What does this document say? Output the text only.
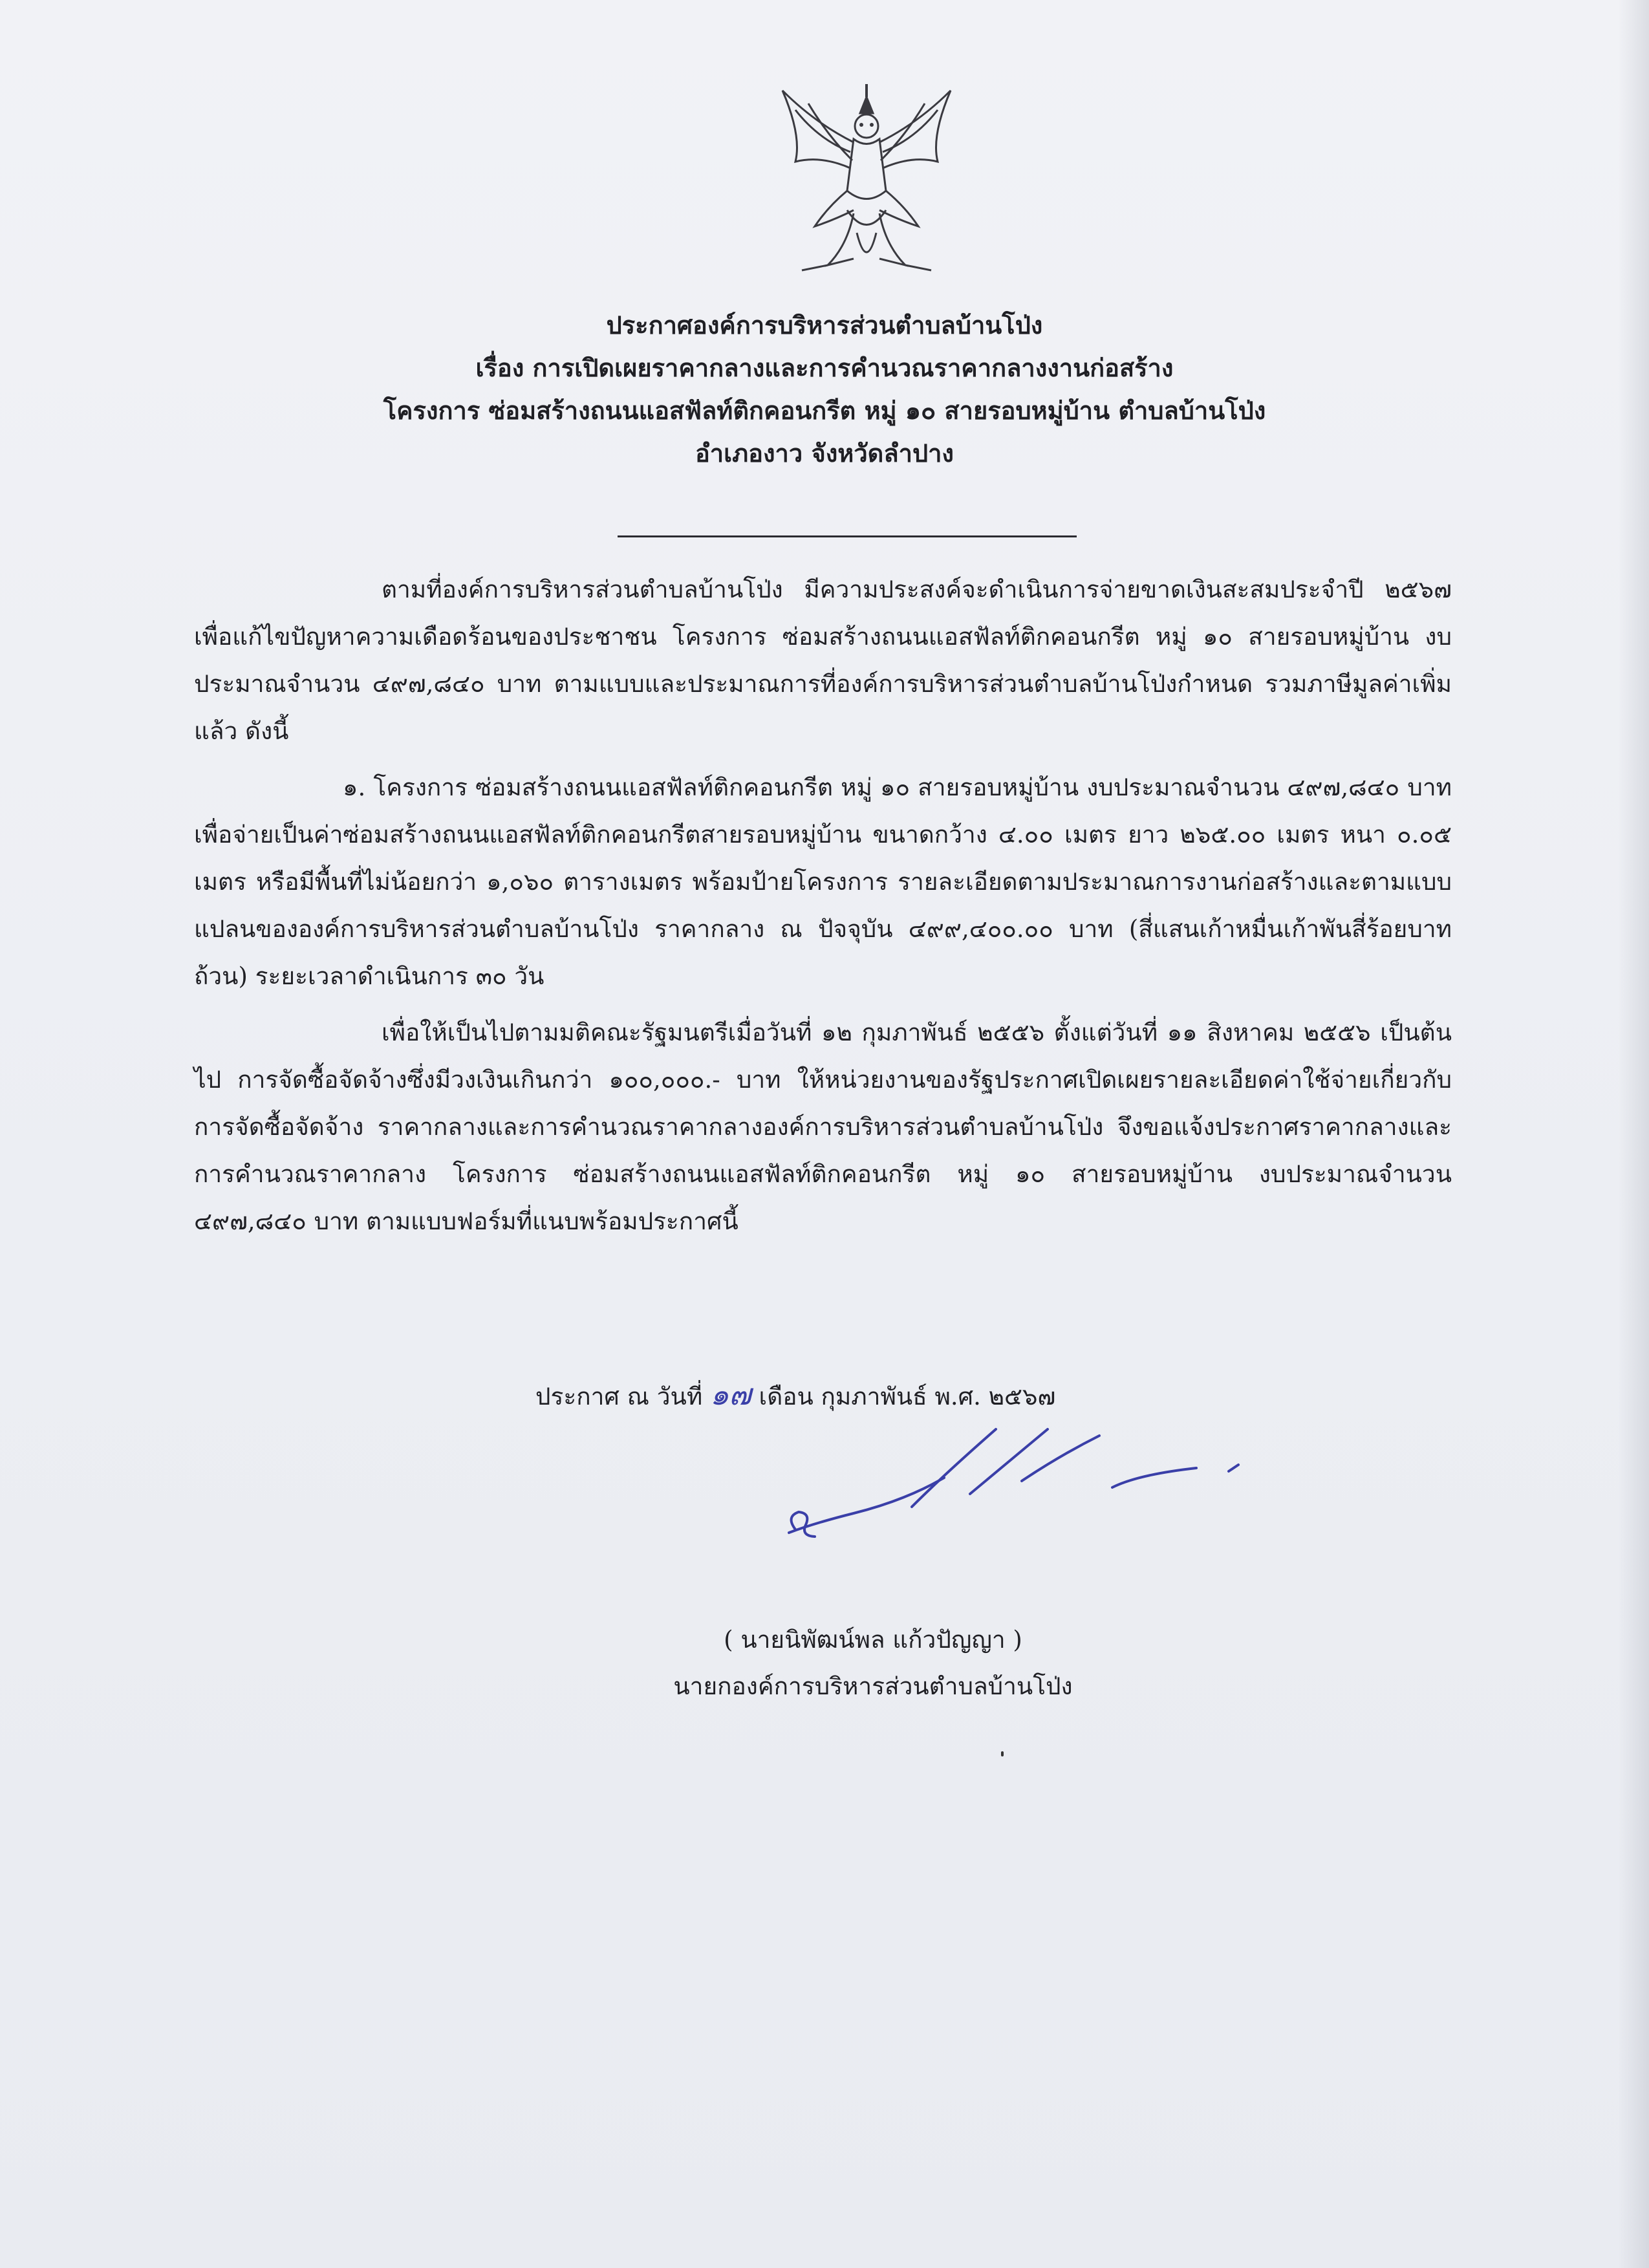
ประกาศองค์การบริหารส่วนตำบลบ้านโป่ง
เรื่อง การเปิดเผยราคากลางและการคำนวณราคากลางงานก่อสร้าง
โครงการ ซ่อมสร้างถนนแอสฟัลท์ติกคอนกรีต หมู่ ๑๐ สายรอบหมู่บ้าน ตำบลบ้านโป่ง
อำเภองาว จังหวัดลำปาง

ตามที่องค์การบริหารส่วนตำบลบ้านโป่ง มีความประสงค์จะดำเนินการจ่ายขาดเงินสะสมประจำปี ๒๕๖๗ เพื่อแก้ไขปัญหาความเดือดร้อนของประชาชน โครงการ ซ่อมสร้างถนนแอสฟัลท์ติกคอนกรีต หมู่ ๑๐ สายรอบหมู่บ้าน งบประมาณจำนวน ๔๙๗,๘๔๐ บาท ตามแบบและประมาณการที่องค์การบริหารส่วนตำบลบ้านโป่งกำหนด รวมภาษีมูลค่าเพิ่มแล้ว ดังนี้

๑. โครงการ ซ่อมสร้างถนนแอสฟัลท์ติกคอนกรีต หมู่ ๑๐ สายรอบหมู่บ้าน งบประมาณจำนวน ๔๙๗,๘๔๐ บาท เพื่อจ่ายเป็นค่าซ่อมสร้างถนนแอสฟัลท์ติกคอนกรีตสายรอบหมู่บ้าน ขนาดกว้าง ๔.๐๐ เมตร ยาว ๒๖๕.๐๐ เมตร หนา ๐.๐๕ เมตร หรือมีพื้นที่ไม่น้อยกว่า ๑,๐๖๐ ตารางเมตร พร้อมป้ายโครงการ รายละเอียดตามประมาณการงานก่อสร้างและตามแบบแปลนขององค์การบริหารส่วนตำบลบ้านโป่ง ราคากลาง ณ ปัจจุบัน ๔๙๙,๔๐๐.๐๐ บาท (สี่แสนเก้าหมื่นเก้าพันสี่ร้อยบาทถ้วน) ระยะเวลาดำเนินการ ๓๐ วัน

เพื่อให้เป็นไปตามมติคณะรัฐมนตรีเมื่อวันที่ ๑๒ กุมภาพันธ์ ๒๕๕๖ ตั้งแต่วันที่ ๑๑ สิงหาคม ๒๕๕๖ เป็นต้นไป การจัดซื้อจัดจ้างซึ่งมีวงเงินเกินกว่า ๑๐๐,๐๐๐.- บาท ให้หน่วยงานของรัฐประกาศเปิดเผยรายละเอียดค่าใช้จ่ายเกี่ยวกับการจัดซื้อจัดจ้าง ราคากลางและการคำนวณราคากลางองค์การบริหารส่วนตำบลบ้านโป่ง จึงขอแจ้งประกาศราคากลางและการคำนวณราคากลาง โครงการ ซ่อมสร้างถนนแอสฟัลท์ติกคอนกรีต หมู่ ๑๐ สายรอบหมู่บ้าน งบประมาณจำนวน ๔๙๗,๘๔๐ บาท ตามแบบฟอร์มที่แนบพร้อมประกาศนี้

ประกาศ ณ วันที่ ๑๗ เดือน กุมภาพันธ์ พ.ศ. ๒๕๖๗
( นายนิพัฒน์พล แก้วปัญญา )
นายกองค์การบริหารส่วนตำบลบ้านโป่ง
